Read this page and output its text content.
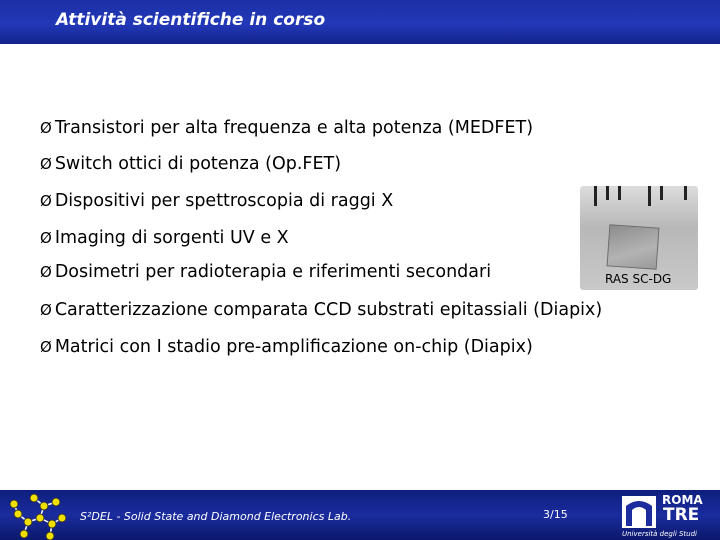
Attività scientifiche in corso
Ø Transistori per alta frequenza e alta potenza (MEDFET)
Ø Switch ottici di potenza (Op.FET)
Ø Dispositivi per spettroscopia di raggi X
Ø Imaging di sorgenti UV e X
Ø Dosimetri per radioterapia e riferimenti secondari
Ø Caratterizzazione comparata CCD substrati epitassiali (Diapix)
Ø Matrici con I stadio pre-amplificazione on-chip (Diapix)
RAS SC-DG
S²DEL - Solid State and Diamond Electronics Lab.	3/15
ROMA
TRE
Università degli Studi
